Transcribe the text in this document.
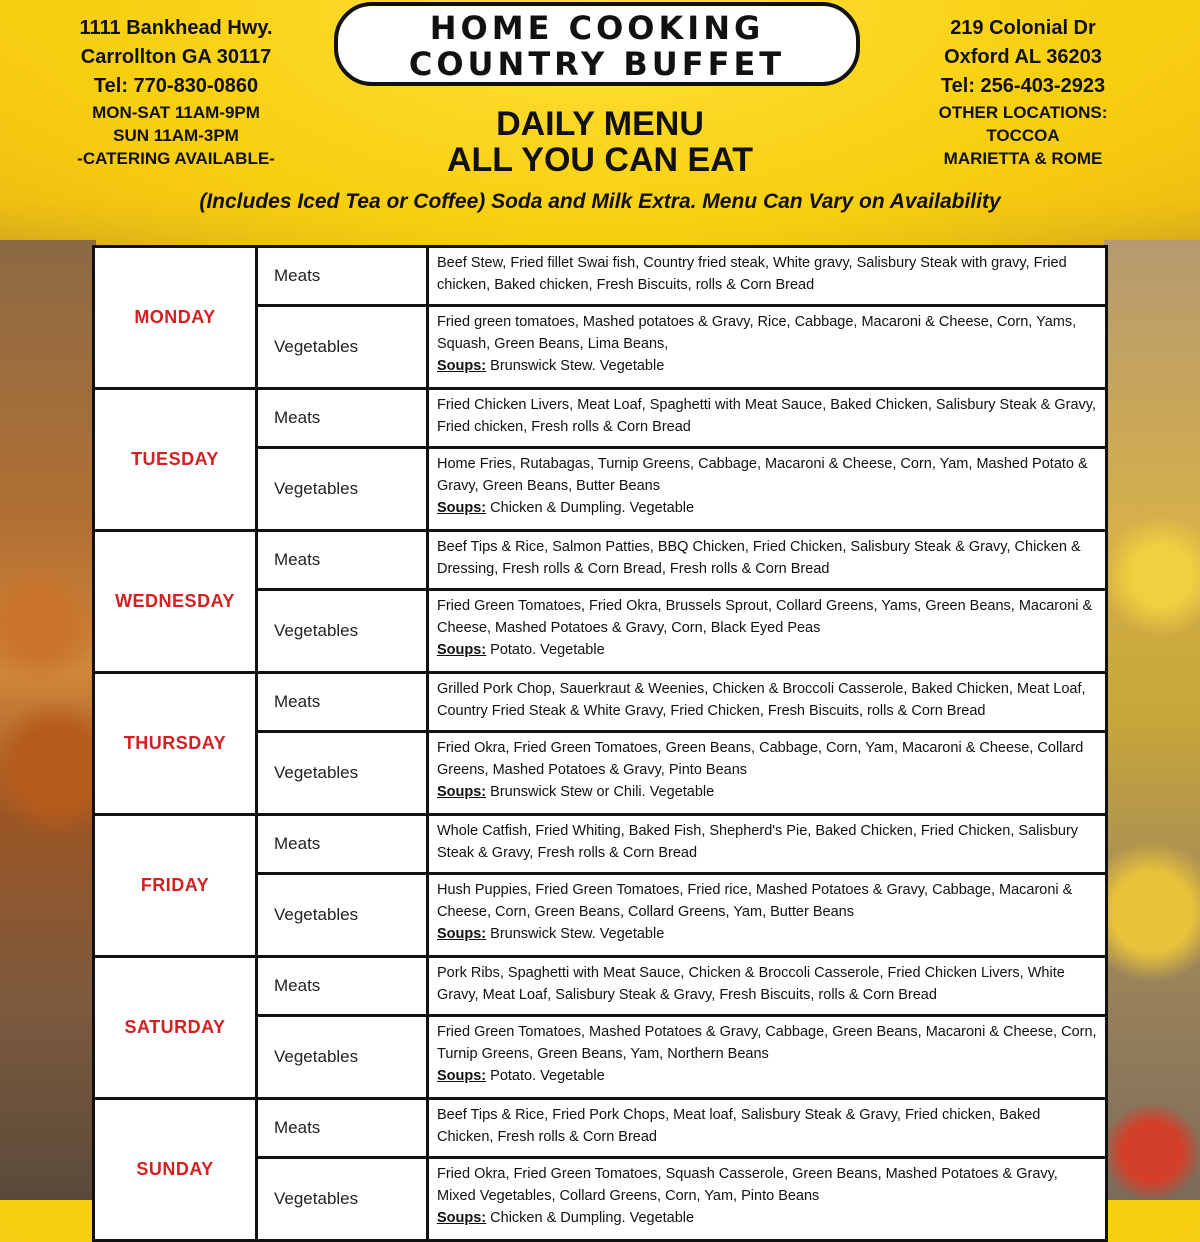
1111 Bankhead Hwy.
Carrollton GA 30117
Tel: 770-830-0860
MON-SAT 11AM-9PM
SUN 11AM-3PM
-CATERING AVAILABLE-
HOME COOKING
COUNTRY BUFFET
219 Colonial Dr
Oxford AL 36203
Tel: 256-403-2923
OTHER LOCATIONS:
TOCCOA
MARIETTA & ROME
DAILY MENU
ALL YOU CAN EAT
(Includes Iced Tea or Coffee) Soda and Milk Extra. Menu Can Vary on Availability
MONDAY	Meats	Beef Stew, Fried fillet Swai fish, Country fried steak, White gravy, Salisbury Steak with gravy, Fried chicken, Baked chicken, Fresh Biscuits, rolls & Corn Bread
	Vegetables	Fried green tomatoes, Mashed potatoes & Gravy, Rice, Cabbage, Macaroni & Cheese, Corn, Yams, Squash, Green Beans, Lima Beans,
Soups: Brunswick Stew. Vegetable

TUESDAY	Meats	Fried Chicken Livers, Meat Loaf, Spaghetti with Meat Sauce, Baked Chicken, Salisbury Steak & Gravy, Fried chicken, Fresh rolls & Corn Bread
	Vegetables	Home Fries, Rutabagas, Turnip Greens, Cabbage, Macaroni & Cheese, Corn, Yam, Mashed Potato & Gravy, Green Beans, Butter Beans
Soups: Chicken & Dumpling. Vegetable

WEDNESDAY	Meats	Beef Tips & Rice, Salmon Patties, BBQ Chicken, Fried Chicken, Salisbury Steak & Gravy, Chicken & Dressing, Fresh rolls & Corn Bread, Fresh rolls & Corn Bread
	Vegetables	Fried Green Tomatoes, Fried Okra, Brussels Sprout, Collard Greens, Yams, Green Beans, Macaroni & Cheese, Mashed Potatoes & Gravy, Corn, Black Eyed Peas
Soups: Potato. Vegetable

THURSDAY	Meats	Grilled Pork Chop, Sauerkraut & Weenies, Chicken & Broccoli Casserole, Baked Chicken, Meat Loaf, Country Fried Steak & White Gravy, Fried Chicken, Fresh Biscuits, rolls & Corn Bread
	Vegetables	Fried Okra, Fried Green Tomatoes, Green Beans, Cabbage, Corn, Yam, Macaroni & Cheese, Collard Greens, Mashed Potatoes & Gravy, Pinto Beans
Soups: Brunswick Stew or Chili. Vegetable

FRIDAY	Meats	Whole Catfish, Fried Whiting, Baked Fish, Shepherd's Pie, Baked Chicken, Fried Chicken, Salisbury Steak & Gravy, Fresh rolls & Corn Bread
	Vegetables	Hush Puppies, Fried Green Tomatoes, Fried rice, Mashed Potatoes & Gravy, Cabbage, Macaroni & Cheese, Corn, Green Beans, Collard Greens, Yam, Butter Beans
Soups: Brunswick Stew. Vegetable

SATURDAY	Meats	Pork Ribs, Spaghetti with Meat Sauce, Chicken & Broccoli Casserole, Fried Chicken Livers, White Gravy, Meat Loaf, Salisbury Steak & Gravy, Fresh Biscuits, rolls & Corn Bread
	Vegetables	Fried Green Tomatoes, Mashed Potatoes & Gravy, Cabbage, Green Beans, Macaroni & Cheese, Corn, Turnip Greens, Green Beans, Yam, Northern Beans
Soups: Potato. Vegetable

SUNDAY	Meats	Beef Tips & Rice, Fried Pork Chops, Meat loaf, Salisbury Steak & Gravy, Fried chicken, Baked Chicken, Fresh rolls & Corn Bread
	Vegetables	Fried Okra, Fried Green Tomatoes, Squash Casserole, Green Beans, Mashed Potatoes & Gravy, Mixed Vegetables, Collard Greens, Corn, Yam, Pinto Beans
Soups: Chicken & Dumpling. Vegetable
